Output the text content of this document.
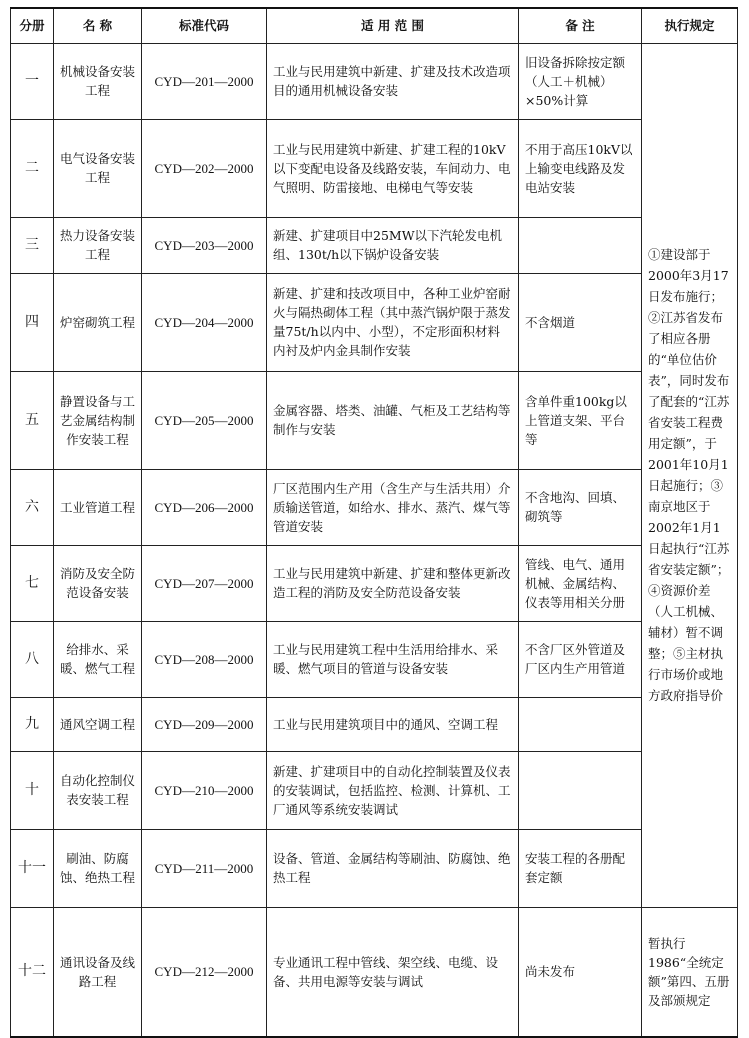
分册	名 称	标准代码	适 用 范 围	备 注	执行规定
一	机械设备安装工程	CYD—201—2000	工业与民用建筑中新建、扩建及技术改造项目的通用机械设备安装	旧设备拆除按定额（人工＋机械）×50%计算	①建设部于2000年3月17日发布施行；②江苏省发布了相应各册的“单位估价表”，同时发布了配套的“江苏省安装工程费用定额”，于2001年10月1日起施行；③南京地区于2002年1月1日起执行“江苏省安装定额”；④资源价差（人工机械、辅材）暂不调整；⑤主材执行市场价或地方政府指导价
二	电气设备安装工程	CYD—202—2000	工业与民用建筑中新建、扩建工程的10kV以下变配电设备及线路安装，车间动力、电气照明、防雷接地、电梯电气等安装	不用于高压10kV以上输变电线路及发电站安装	
三	热力设备安装工程	CYD—203—2000	新建、扩建项目中25MW以下汽轮发电机组、130t/h以下锅炉设备安装		
四	炉窑砌筑工程	CYD—204—2000	新建、扩建和技改项目中，各种工业炉窑耐火与隔热砌体工程（其中蒸汽锅炉限于蒸发量75t/h以内中、小型），不定形面积材料内衬及炉内金具制作安装	不含烟道	
五	静置设备与工艺金属结构制作安装工程	CYD—205—2000	金属容器、塔类、油罐、气柜及工艺结构等制作与安装	含单件重100kg以上管道支架、平台等	
六	工业管道工程	CYD—206—2000	厂区范围内生产用（含生产与生活共用）介质输送管道，如给水、排水、蒸汽、煤气等管道安装	不含地沟、回填、砌筑等	
七	消防及安全防范设备安装	CYD—207—2000	工业与民用建筑中新建、扩建和整体更新改造工程的消防及安全防范设备安装	管线、电气、通用机械、金属结构、仪表等用相关分册	
八	给排水、采暖、燃气工程	CYD—208—2000	工业与民用建筑工程中生活用给排水、采暖、燃气项目的管道与设备安装	不含厂区外管道及厂区内生产用管道	
九	通风空调工程	CYD—209—2000	工业与民用建筑项目中的通风、空调工程		
十	自动化控制仪表安装工程	CYD—210—2000	新建、扩建项目中的自动化控制装置及仪表的安装调试，包括监控、检测、计算机、工厂通风等系统安装调试		
十一	刷油、防腐蚀、绝热工程	CYD—211—2000	设备、管道、金属结构等刷油、防腐蚀、绝热工程	安装工程的各册配套定额	
十二	通讯设备及线路工程	CYD—212—2000	专业通讯工程中管线、架空线、电缆、设备、共用电源等安装与调试	尚未发布	暂执行1986“全统定额”第四、五册及部颁规定
